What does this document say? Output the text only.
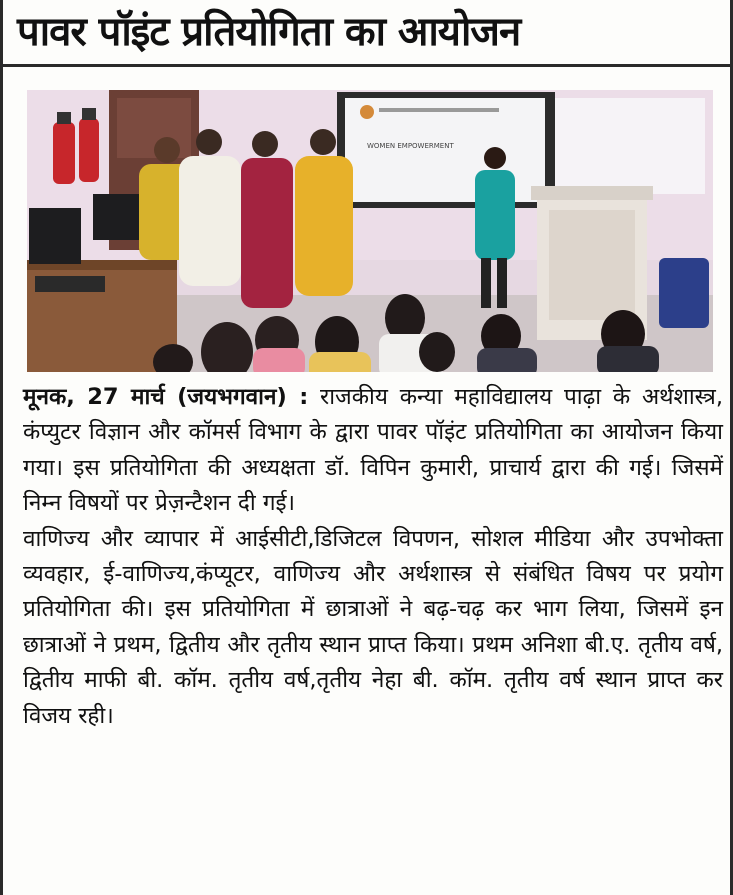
पावर पॉइंट प्रतियोगिता का आयोजन
WOMEN EMPOWERMENT

मूनक, 27 मार्च (जयभगवान) : राजकीय कन्या महाविद्यालय पाढ़ा के अर्थशास्त्र, कंप्युटर विज्ञान और कॉमर्स विभाग के द्वारा पावर पॉइंट प्रतियोगिता का आयोजन किया गया। इस प्रतियोगिता की अध्यक्षता डॉ. विपिन कुमारी, प्राचार्य द्वारा की गई। जिसमें निम्न विषयों पर प्रेज़न्टैशन दी गई।

वाणिज्य और व्यापार में आईसीटी,डिजिटल विपणन, सोशल मीडिया और उपभोक्ता व्यवहार, ई-वाणिज्य,कंप्यूटर, वाणिज्य और अर्थशास्त्र से संबंधित विषय पर प्रयोग प्रतियोगिता की। इस प्रतियोगिता में छात्राओं ने बढ़-चढ़ कर भाग लिया, जिसमें इन छात्राओं ने प्रथम, द्वितीय और तृतीय स्थान प्राप्त किया। प्रथम अनिशा बी.ए. तृतीय वर्ष, द्वितीय माफी बी. कॉम. तृतीय वर्ष,तृतीय नेहा बी. कॉम. तृतीय वर्ष स्थान प्राप्त कर विजय रही।
